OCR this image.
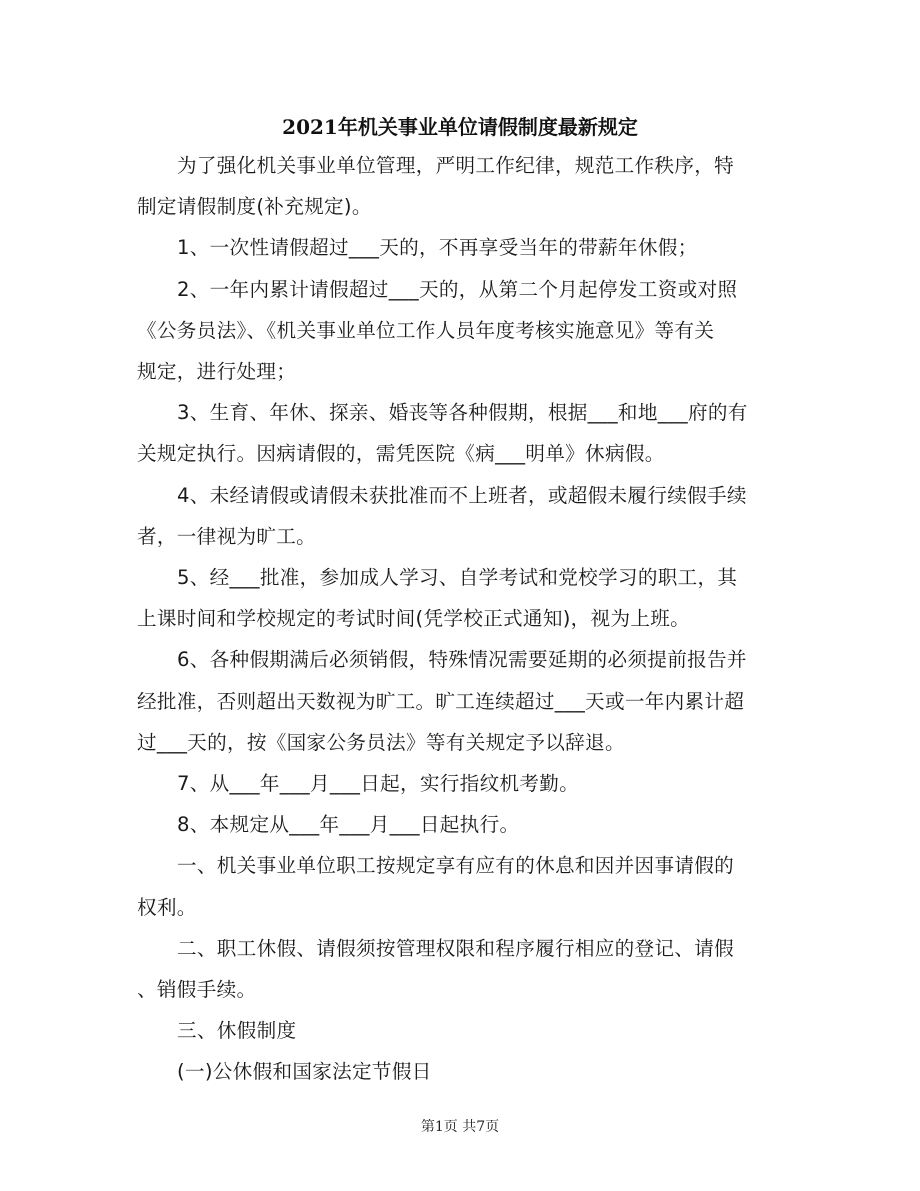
2021年机关事业单位请假制度最新规定
为了强化机关事业单位管理，严明工作纪律，规范工作秩序，特
制定请假制度(补充规定)。
1、一次性请假超过___天的，不再享受当年的带薪年休假；
2、一年内累计请假超过___天的，从第二个月起停发工资或对照
《公务员法》、《机关事业单位工作人员年度考核实施意见》等有关
规定，进行处理；
3、生育、年休、探亲、婚丧等各种假期，根据___和地___府的有
关规定执行。因病请假的，需凭医院《病___明单》休病假。
4、未经请假或请假未获批准而不上班者，或超假未履行续假手续
者，一律视为旷工。
5、经___批准，参加成人学习、自学考试和党校学习的职工，其
上课时间和学校规定的考试时间(凭学校正式通知)，视为上班。
6、各种假期满后必须销假，特殊情况需要延期的必须提前报告并
经批准，否则超出天数视为旷工。旷工连续超过___天或一年内累计超
过___天的，按《国家公务员法》等有关规定予以辞退。
7、从___年___月___日起，实行指纹机考勤。
8、本规定从___年___月___日起执行。
一、机关事业单位职工按规定享有应有的休息和因并因事请假的
权利。
二、职工休假、请假须按管理权限和程序履行相应的登记、请假
、销假手续。
三、休假制度
(一)公休假和国家法定节假日
第1页 共7页
